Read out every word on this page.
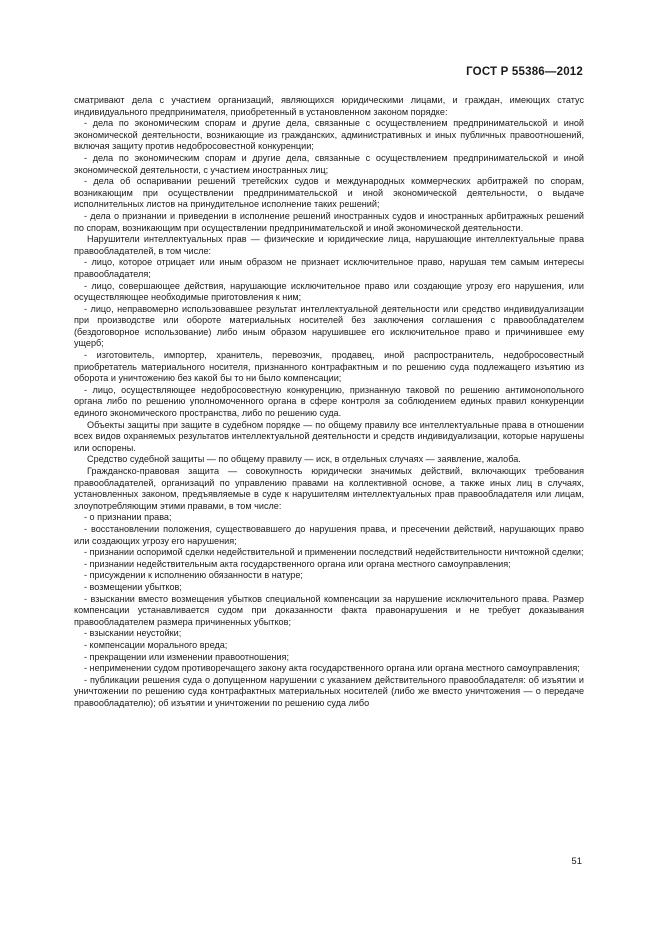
ГОСТ Р 55386—2012

сматривают дела с участием организаций, являющихся юридическими лицами, и граждан, имеющих статус индивидуального предпринимателя, приобретенный в установленном законом порядке:

- дела по экономическим спорам и другие дела, связанные с осуществлением предпринимательской и иной экономической деятельности, возникающие из гражданских, административных и иных публичных правоотношений, включая защиту против недобросовестной конкуренции;

- дела по экономическим спорам и другие дела, связанные с осуществлением предпринимательской и иной экономической деятельности, с участием иностранных лиц;

- дела об оспаривании решений третейских судов и международных коммерческих арбитражей по спорам, возникающим при осуществлении предпринимательской и иной экономической деятельности, о выдаче исполнительных листов на принудительное исполнение таких решений;

- дела о признании и приведении в исполнение решений иностранных судов и иностранных арбитражных решений по спорам, возникающим при осуществлении предпринимательской и иной экономической деятельности.

Нарушители интеллектуальных прав — физические и юридические лица, нарушающие интеллектуальные права правообладателей, в том числе:

- лицо, которое отрицает или иным образом не признает исключительное право, нарушая тем самым интересы правообладателя;

- лицо, совершающее действия, нарушающие исключительное право или создающие угрозу его нарушения, или осуществляющее необходимые приготовления к ним;

- лицо, неправомерно использовавшее результат интеллектуальной деятельности или средство индивидуализации при производстве или обороте материальных носителей без заключения соглашения с правообладателем (бездоговорное использование) либо иным образом нарушившее его исключительное право и причинившее ему ущерб;

- изготовитель, импортер, хранитель, перевозчик, продавец, иной распространитель, недобросовестный приобретатель материального носителя, признанного контрафактным и по решению суда подлежащего изъятию из оборота и уничтожению без какой бы то ни было компенсации;

- лицо, осуществляющее недобросовестную конкуренцию, признанную таковой по решению антимонопольного органа либо по решению уполномоченного органа в сфере контроля за соблюдением единых правил конкуренции единого экономического пространства, либо по решению суда.

Объекты защиты при защите в судебном порядке — по общему правилу все интеллектуальные права в отношении всех видов охраняемых результатов интеллектуальной деятельности и средств индивидуализации, которые нарушены или оспорены.

Средство судебной защиты — по общему правилу — иск, в отдельных случаях — заявление, жалоба.

Гражданско-правовая защита — совокупность юридически значимых действий, включающих требования правообладателей, организаций по управлению правами на коллективной основе, а также иных лиц в случаях, установленных законом, предъявляемые в суде к нарушителям интеллектуальных прав правообладателя или лицам, злоупотребляющим этими правами, в том числе:

- о признании права;

- восстановлении положения, существовавшего до нарушения права, и пресечении действий, нарушающих право или создающих угрозу его нарушения;

- признании оспоримой сделки недействительной и применении последствий недействительности ничтожной сделки;

- признании недействительным акта государственного органа или органа местного самоуправления;

- присуждении к исполнению обязанности в натуре;

- возмещении убытков;

- взыскании вместо возмещения убытков специальной компенсации за нарушение исключительного права. Размер компенсации устанавливается судом при доказанности факта правонарушения и не требует доказывания правообладателем размера причиненных убытков;

- взыскании неустойки;

- компенсации морального вреда;

- прекращении или изменении правоотношения;

- неприменении судом противоречащего закону акта государственного органа или органа местного самоуправления;

- публикации решения суда о допущенном нарушении с указанием действительного правообладателя: об изъятии и уничтожении по решению суда контрафактных материальных носителей (либо же вместо уничтожения — о передаче правообладателю); об изъятии и уничтожении по решению суда либо

51
